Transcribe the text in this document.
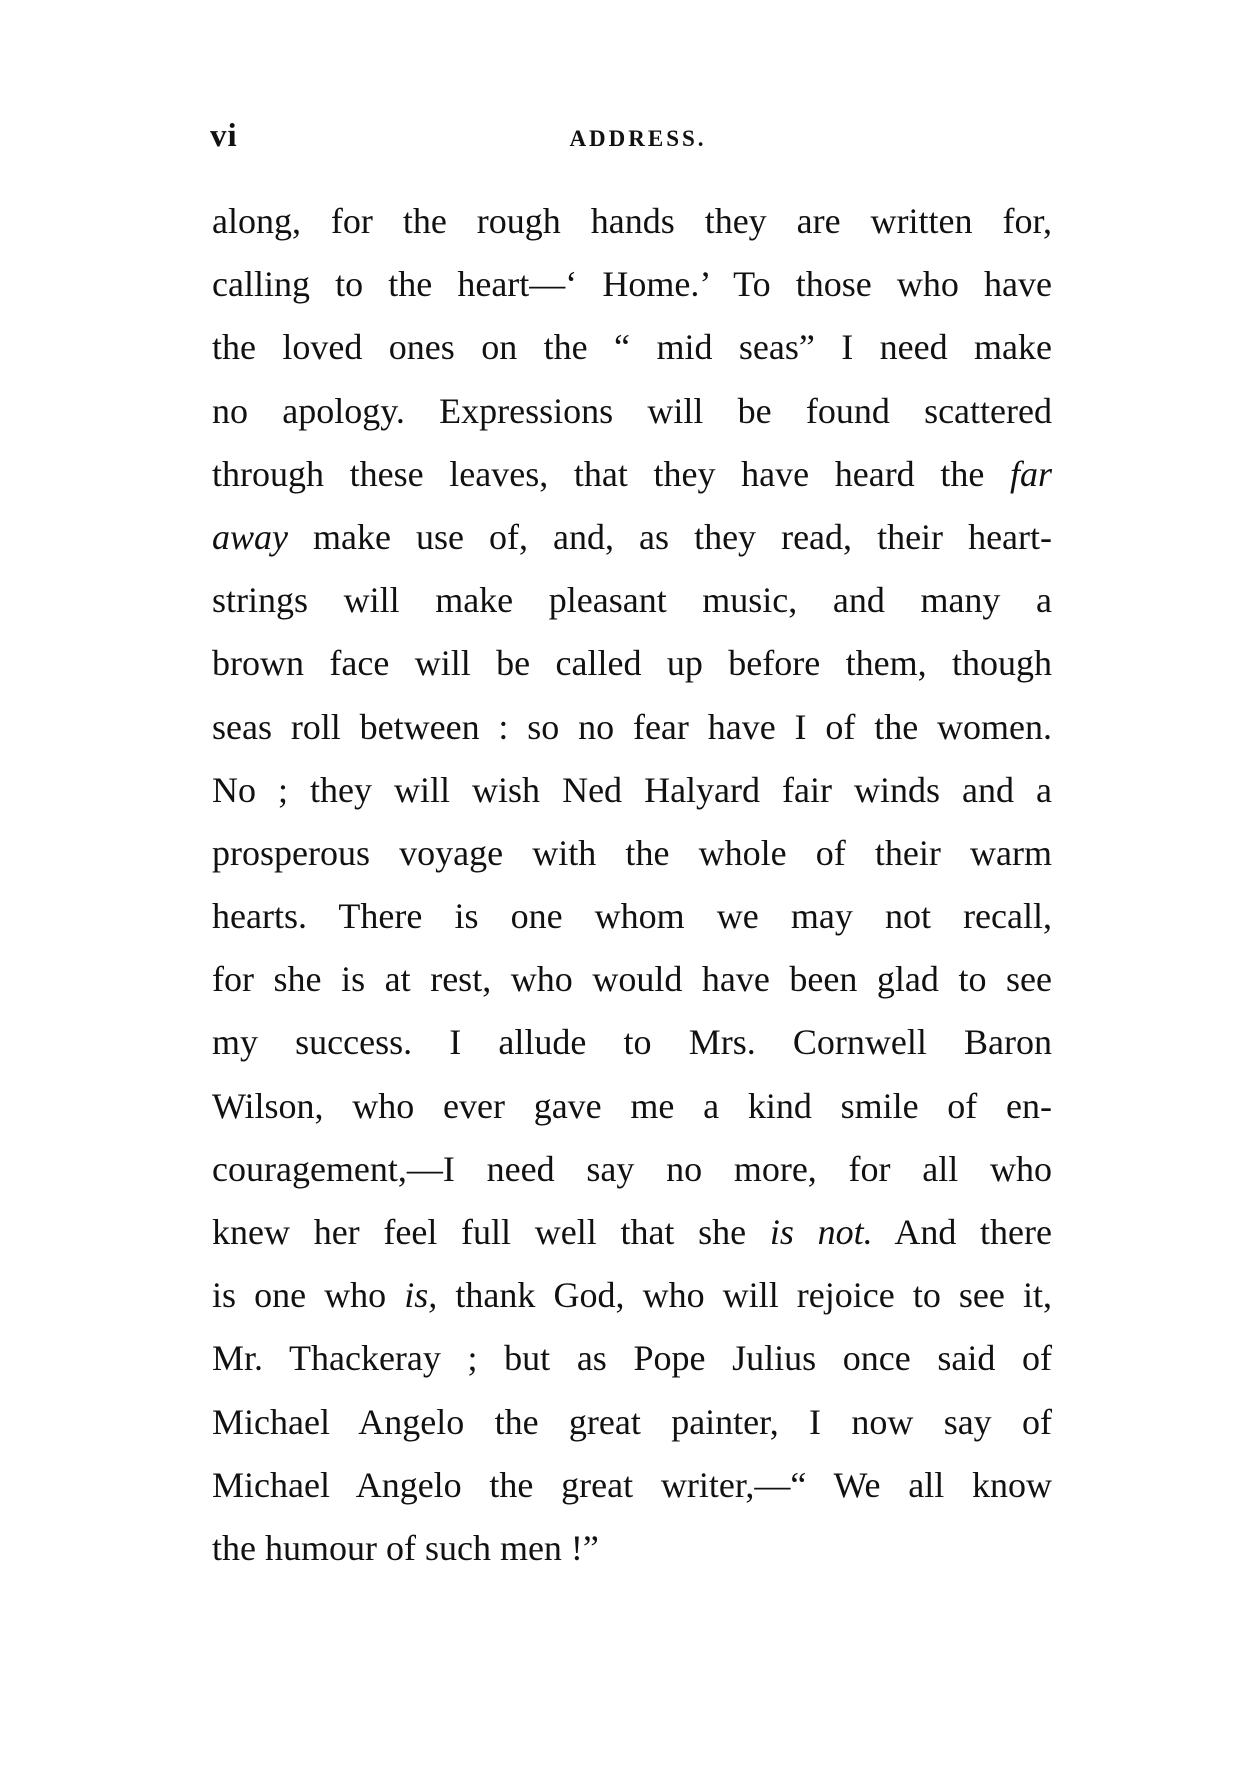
vi	ADDRESS.
along, for the rough hands they are written for,
calling to the heart—‘ Home.’ To those who have
the loved ones on the “ mid seas” I need make
no apology. Expressions will be found scattered
through these leaves, that they have heard the far
away make use of, and, as they read, their heart-
strings will make pleasant music, and many a
brown face will be called up before them, though
seas roll between : so no fear have I of the women.
No ; they will wish Ned Halyard fair winds and a
prosperous voyage with the whole of their warm
hearts. There is one whom we may not recall,
for she is at rest, who would have been glad to see
my success. I allude to Mrs. Cornwell Baron
Wilson, who ever gave me a kind smile of en-
couragement,—I need say no more, for all who
knew her feel full well that she is not. And there
is one who is, thank God, who will rejoice to see it,
Mr. Thackeray ; but as Pope Julius once said of
Michael Angelo the great painter, I now say of
Michael Angelo the great writer,—“ We all know
the humour of such men !”
